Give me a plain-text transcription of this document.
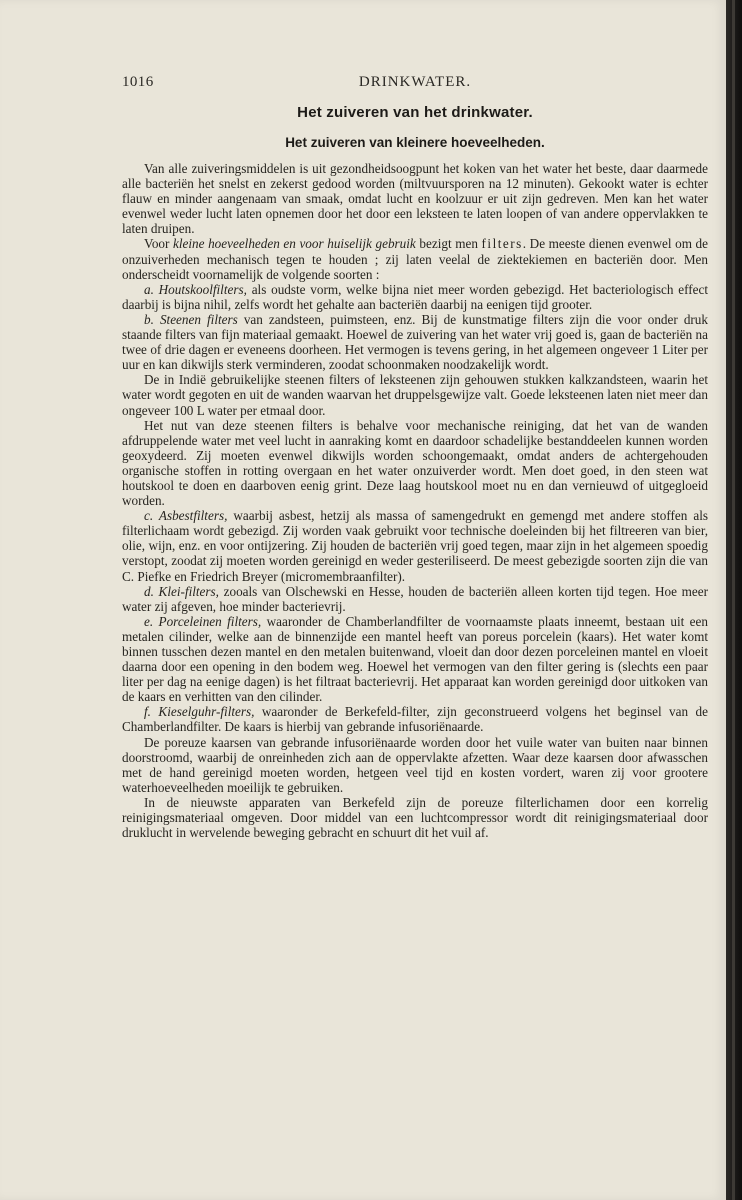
1016	DRINKWATER.
Het zuiveren van het drinkwater.
Het zuiveren van kleinere hoeveelheden.

Van alle zuiveringsmiddelen is uit gezondheidsoogpunt het koken van het water het beste, daar daarmede alle bacteriën het snelst en zekerst gedood worden (miltvuursporen na 12 minuten). Gekookt water is echter flauw en minder aangenaam van smaak, omdat lucht en koolzuur er uit zijn gedreven. Men kan het water evenwel weder lucht laten opnemen door het door een leksteen te laten loopen of van andere oppervlakken te laten druipen.

Voor kleine hoeveelheden en voor huiselijk gebruik bezigt men filters. De meeste dienen evenwel om de onzuiverheden mechanisch tegen te houden ; zij laten veelal de ziektekiemen en bacteriën door. Men onderscheidt voornamelijk de volgende soorten :

a. Houtskoolfilters, als oudste vorm, welke bijna niet meer worden gebezigd. Het bacteriologisch effect daarbij is bijna nihil, zelfs wordt het gehalte aan bacteriën daarbij na eenigen tijd grooter.

b. Steenen filters van zandsteen, puimsteen, enz. Bij de kunstmatige filters zijn die voor onder druk staande filters van fijn materiaal gemaakt. Hoewel de zuivering van het water vrij goed is, gaan de bacteriën na twee of drie dagen er eveneens doorheen. Het vermogen is tevens gering, in het algemeen ongeveer 1 Liter per uur en kan dikwijls sterk verminderen, zoodat schoonmaken noodzakelijk wordt.

De in Indië gebruikelijke steenen filters of leksteenen zijn gehouwen stukken kalkzandsteen, waarin het water wordt gegoten en uit de wanden waarvan het druppelsgewijze valt. Goede leksteenen laten niet meer dan ongeveer 100 L water per etmaal door.

Het nut van deze steenen filters is behalve voor mechanische reiniging, dat het van de wanden afdruppelende water met veel lucht in aanraking komt en daardoor schadelijke bestanddeelen kunnen worden geoxydeerd. Zij moeten evenwel dikwijls worden schoongemaakt, omdat anders de achtergehouden organische stoffen in rotting overgaan en het water onzuiverder wordt. Men doet goed, in den steen wat houtskool te doen en daarboven eenig grint. Deze laag houtskool moet nu en dan vernieuwd of uitgegloeid worden.

c. Asbestfilters, waarbij asbest, hetzij als massa of samengedrukt en gemengd met andere stoffen als filterlichaam wordt gebezigd. Zij worden vaak gebruikt voor technische doeleinden bij het filtreeren van bier, olie, wijn, enz. en voor ontijzering. Zij houden de bacteriën vrij goed tegen, maar zijn in het algemeen spoedig verstopt, zoodat zij moeten worden gereinigd en weder gesteriliseerd. De meest gebezigde soorten zijn die van C. Piefke en Friedrich Breyer (micromembraanfilter).

d. Klei-filters, zooals van Olschewski en Hesse, houden de bacteriën alleen korten tijd tegen. Hoe meer water zij afgeven, hoe minder bacterievrij.

e. Porceleinen filters, waaronder de Chamberlandfilter de voornaamste plaats inneemt, bestaan uit een metalen cilinder, welke aan de binnenzijde een mantel heeft van poreus porcelein (kaars). Het water komt binnen tusschen dezen mantel en den metalen buitenwand, vloeit dan door dezen porceleinen mantel en vloeit daarna door een opening in den bodem weg. Hoewel het vermogen van den filter gering is (slechts een paar liter per dag na eenige dagen) is het filtraat bacterievrij. Het apparaat kan worden gereinigd door uitkoken van de kaars en verhitten van den cilinder.

f. Kieselguhr-filters, waaronder de Berkefeld-filter, zijn geconstrueerd volgens het beginsel van de Chamberlandfilter. De kaars is hierbij van gebrande infusoriënaarde.

De poreuze kaarsen van gebrande infusoriënaarde worden door het vuile water van buiten naar binnen doorstroomd, waarbij de onreinheden zich aan de oppervlakte afzetten. Waar deze kaarsen door afwasschen met de hand gereinigd moeten worden, hetgeen veel tijd en kosten vordert, waren zij voor grootere waterhoeveelheden moeilijk te gebruiken.

In de nieuwste apparaten van Berkefeld zijn de poreuze filterlichamen door een korrelig reinigingsmateriaal omgeven. Door middel van een luchtcompressor wordt dit reinigingsmateriaal door druklucht in wervelende beweging gebracht en schuurt dit het vuil af.
